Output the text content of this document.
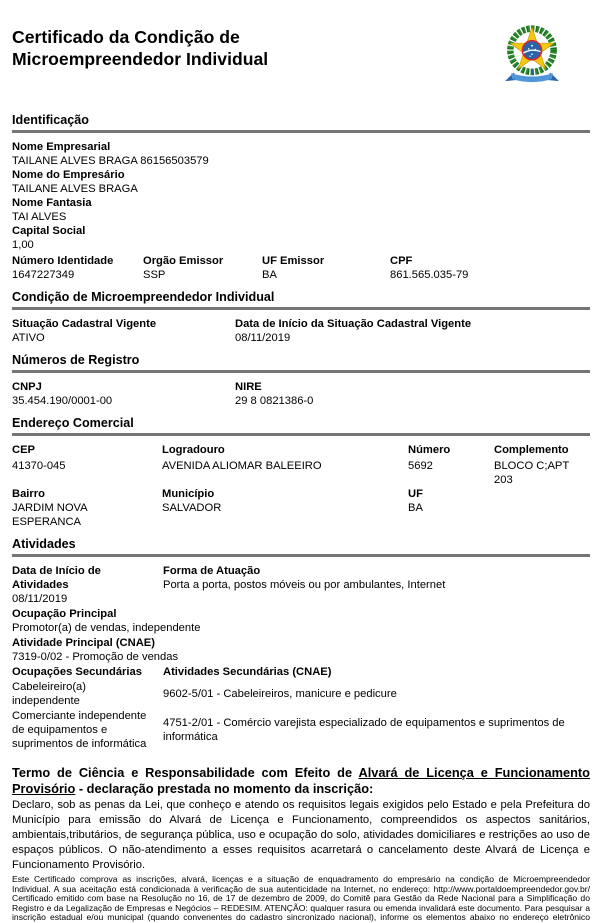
Certificado da Condição de
Microempreendedor Individual
Identificação
Nome Empresarial
TAILANE ALVES BRAGA 86156503579
Nome do Empresário
TAILANE ALVES BRAGA
Nome Fantasia
TAI ALVES
Capital Social
1,00
Número Identidade
1647227349
Orgão Emissor
SSP
UF Emissor
BA
CPF
861.565.035-79
Condição de Microempreendedor Individual
Situação Cadastral Vigente
ATIVO
Data de Início da Situação Cadastral Vigente
08/11/2019
Números de Registro
CNPJ
35.454.190/0001-00
NIRE
29 8 0821386-0
Endereço Comercial
CEP
41370-045
Logradouro
AVENIDA ALIOMAR BALEEIRO
Número
5692
Complemento
BLOCO C;APT 203
Bairro
JARDIM NOVA ESPERANCA
Município
SALVADOR
UF
BA
Atividades
Data de Início de Atividades
08/11/2019
Forma de Atuação
Porta a porta, postos móveis ou por ambulantes, Internet
Ocupação Principal
Promotor(a) de vendas, independente
Atividade Principal (CNAE)
7319-0/02 - Promoção de vendas
Ocupações Secundárias	Atividades Secundárias (CNAE)
Cabeleireiro(a) independente
9602-5/01 - Cabeleireiros, manicure e pedicure
Comerciante independente de equipamentos e suprimentos de informática
4751-2/01 - Comércio varejista especializado de equipamentos e suprimentos de informática
Termo de Ciência e Responsabilidade com Efeito de Alvará de Licença e Funcionamento Provisório - declaração prestada no momento da inscrição:

Declaro, sob as penas da Lei, que conheço e atendo os requisitos legais exigidos pelo Estado e pela Prefeitura do Município para emissão do Alvará de Licença e Funcionamento, compreendidos os aspectos sanitários, ambientais,tributários, de segurança pública, uso e ocupação do solo, atividades domiciliares e restrições ao uso de espaços públicos. O não-atendimento a esses requisitos acarretará o cancelamento deste Alvará de Licença e Funcionamento Provisório.

Este Certificado comprova as inscrições, alvará, licenças e a situação de enquadramento do empresário na condição de Microempreendedor Individual. A sua aceitação está condicionada à verificação de sua autenticidade na Internet, no endereço: http://www.portaldoempreendedor.gov.br/ Certificado emitido com base na Resolução no 16, de 17 de dezembro de 2009, do Comitê para Gestão da Rede Nacional para a Simplificação do Registro e da Legalização de Empresas e Negócios – REDESIM. ATENÇÃO: qualquer rasura ou emenda invalidará este documento. Para pesquisar a inscrição estadual e/ou municipal (quando convenentes do cadastro sincronizado nacional), informe os elementos abaixo no endereço eletrônico
